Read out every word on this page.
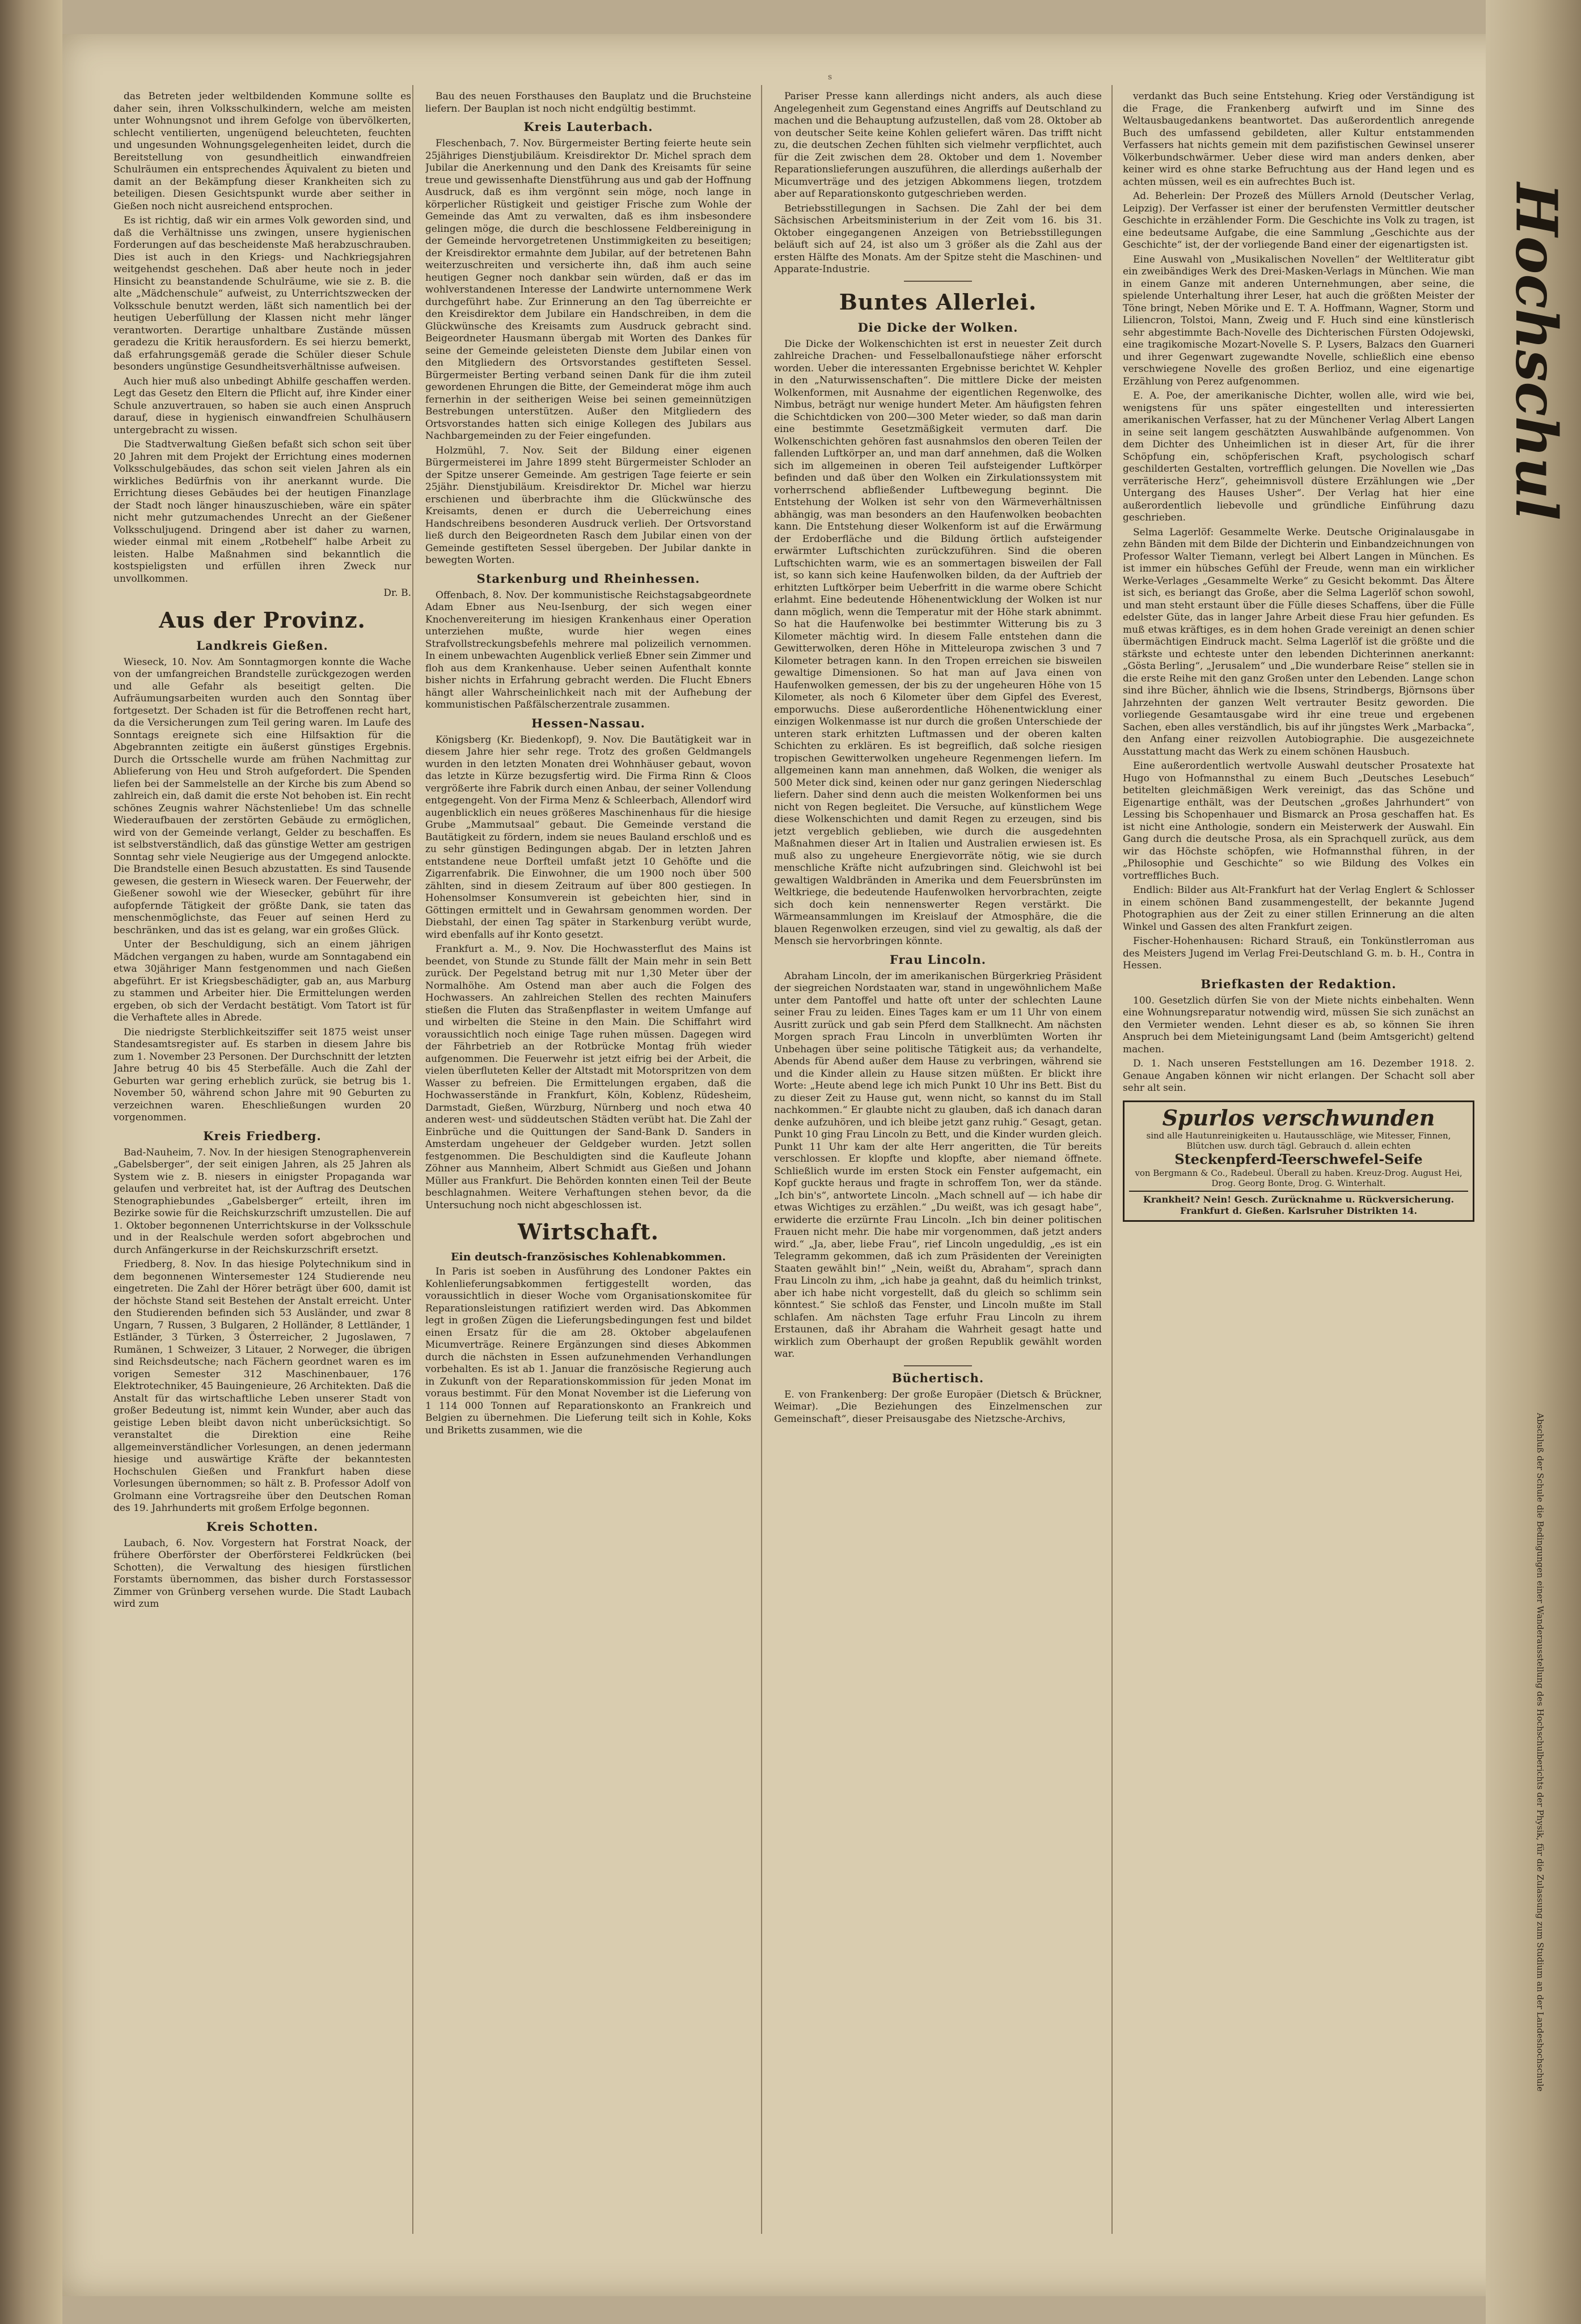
s

das Betreten jeder weltbildenden Kommune sollte es daher sein, ihren Volksschulkindern, welche am meisten unter Wohnungsnot und ihrem Gefolge von übervölkerten, schlecht ventilierten, ungenügend beleuchteten, feuchten und ungesunden Wohnungsgelegenheiten leidet, durch die Bereitstellung von gesundheitlich einwandfreien Schulräumen ein entsprechendes Äquivalent zu bieten und damit an der Bekämpfung dieser Krankheiten sich zu beteiligen. Diesen Gesichtspunkt wurde aber seither in Gießen noch nicht ausreichend entsprochen.

Es ist richtig, daß wir ein armes Volk geworden sind, und daß die Verhältnisse uns zwingen, unsere hygienischen Forderungen auf das bescheidenste Maß herabzuschrauben. Dies ist auch in den Kriegs- und Nachkriegsjahren weitgehendst geschehen. Daß aber heute noch in jeder Hinsicht zu beanstandende Schulräume, wie sie z. B. die alte „Mädchenschule“ aufweist, zu Unterrichtszwecken der Volksschule benutzt werden, läßt sich namentlich bei der heutigen Ueberfüllung der Klassen nicht mehr länger verantworten. Derartige unhaltbare Zustände müssen geradezu die Kritik herausfordern. Es sei hierzu bemerkt, daß erfahrungsgemäß gerade die Schüler dieser Schule besonders ungünstige Gesundheitsverhältnisse aufweisen.

Auch hier muß also unbedingt Abhilfe geschaffen werden. Legt das Gesetz den Eltern die Pflicht auf, ihre Kinder einer Schule anzuvertrauen, so haben sie auch einen Anspruch darauf, diese in hygienisch einwandfreien Schulhäusern untergebracht zu wissen.

Die Stadtverwaltung Gießen befaßt sich schon seit über 20 Jahren mit dem Projekt der Errichtung eines modernen Volksschulgebäudes, das schon seit vielen Jahren als ein wirkliches Bedürfnis von ihr anerkannt wurde. Die Errichtung dieses Gebäudes bei der heutigen Finanzlage der Stadt noch länger hinauszuschieben, wäre ein später nicht mehr gutzumachendes Unrecht an der Gießener Volksschuljugend. Dringend aber ist daher zu warnen, wieder einmal mit einem „Rotbehelf“ halbe Arbeit zu leisten. Halbe Maßnahmen sind bekanntlich die kostspieligsten und erfüllen ihren Zweck nur unvollkommen.

Dr. B.
Aus der Provinz.
Landkreis Gießen.

Wieseck, 10. Nov. Am Sonntagmorgen konnte die Wache von der umfangreichen Brandstelle zurückgezogen werden und alle Gefahr als beseitigt gelten. Die Aufräumungsarbeiten wurden auch den Sonntag über fortgesetzt. Der Schaden ist für die Betroffenen recht hart, da die Versicherungen zum Teil gering waren. Im Laufe des Sonntags ereignete sich eine Hilfsaktion für die Abgebrannten zeitigte ein äußerst günstiges Ergebnis. Durch die Ortsschelle wurde am frühen Nachmittag zur Ablieferung von Heu und Stroh aufgefordert. Die Spenden liefen bei der Sammelstelle an der Kirche bis zum Abend so zahlreich ein, daß damit die erste Not behoben ist. Ein recht schönes Zeugnis wahrer Nächstenliebe! Um das schnelle Wiederaufbauen der zerstörten Gebäude zu ermöglichen, wird von der Gemeinde verlangt, Gelder zu beschaffen. Es ist selbstverständlich, daß das günstige Wetter am gestrigen Sonntag sehr viele Neugierige aus der Umgegend anlockte. Die Brandstelle einen Besuch abzustatten. Es sind Tausende gewesen, die gestern in Wieseck waren. Der Feuerwehr, der Gießener sowohl wie der Wiesecker, gebührt für ihre aufopfernde Tätigkeit der größte Dank, sie taten das menschenmöglichste, das Feuer auf seinen Herd zu beschränken, und das ist es gelang, war ein großes Glück.

Unter der Beschuldigung, sich an einem jährigen Mädchen vergangen zu haben, wurde am Sonntagabend ein etwa 30jähriger Mann festgenommen und nach Gießen abgeführt. Er ist Kriegsbeschädigter, gab an, aus Marburg zu stammen und Arbeiter hier. Die Ermittelungen werden ergeben, ob sich der Verdacht bestätigt. Vom Tatort ist für die Verhaftete alles in Abrede.

Die niedrigste Sterblichkeitsziffer seit 1875 weist unser Standesamtsregister auf. Es starben in diesem Jahre bis zum 1. November 23 Personen. Der Durchschnitt der letzten Jahre betrug 40 bis 45 Sterbefälle. Auch die Zahl der Geburten war gering erheblich zurück, sie betrug bis 1. November 50, während schon Jahre mit 90 Geburten zu verzeichnen waren. Eheschließungen wurden 20 vorgenommen.

Kreis Friedberg.

Bad-Nauheim, 7. Nov. In der hiesigen Stenographenverein „Gabelsberger“, der seit einigen Jahren, als 25 Jahren als System wie z. B. niesers in einigster Propaganda war gelaufen und verbreitet hat, ist der Auftrag des Deutschen Stenographiebundes „Gabelsberger“ erteilt, ihren im Bezirke sowie für die Reichskurzschrift umzustellen. Die auf 1. Oktober begonnenen Unterrichtskurse in der Volksschule und in der Realschule werden sofort abgebrochen und durch Anfängerkurse in der Reichskurzschrift ersetzt.

Friedberg, 8. Nov. In das hiesige Polytechnikum sind in dem begonnenen Wintersemester 124 Studierende neu eingetreten. Die Zahl der Hörer beträgt über 600, damit ist der höchste Stand seit Bestehen der Anstalt erreicht. Unter den Studierenden befinden sich 53 Ausländer, und zwar 8 Ungarn, 7 Russen, 3 Bulgaren, 2 Holländer, 8 Lettländer, 1 Estländer, 3 Türken, 3 Österreicher, 2 Jugoslawen, 7 Rumänen, 1 Schweizer, 3 Litauer, 2 Norweger, die übrigen sind Reichsdeutsche; nach Fächern geordnet waren es im vorigen Semester 312 Maschinenbauer, 176 Elektrotechniker, 45 Bauingenieure, 26 Architekten. Daß die Anstalt für das wirtschaftliche Leben unserer Stadt von großer Bedeutung ist, nimmt kein Wunder, aber auch das geistige Leben bleibt davon nicht unberücksichtigt. So veranstaltet die Direktion eine Reihe allgemeinverständlicher Vorlesungen, an denen jedermann hiesige und auswärtige Kräfte der bekanntesten Hochschulen Gießen und Frankfurt haben diese Vorlesungen übernommen; so hält z. B. Professor Adolf von Grolmann eine Vortragsreihe über den Deutschen Roman des 19. Jahrhunderts mit großem Erfolge begonnen.

Kreis Schotten.

Laubach, 6. Nov. Vorgestern hat Forstrat Noack, der frühere Oberförster der Oberförsterei Feldkrücken (bei Schotten), die Verwaltung des hiesigen fürstlichen Forstamts übernommen, das bisher durch Forstassessor Zimmer von Grünberg versehen wurde. Die Stadt Laubach wird zum

Bau des neuen Forsthauses den Bauplatz und die Bruchsteine liefern. Der Bauplan ist noch nicht endgültig bestimmt.

Kreis Lauterbach.

Fleschenbach, 7. Nov. Bürgermeister Berting feierte heute sein 25jähriges Dienstjubiläum. Kreisdirektor Dr. Michel sprach dem Jubilar die Anerkennung und den Dank des Kreisamts für seine treue und gewissenhafte Dienstführung aus und gab der Hoffnung Ausdruck, daß es ihm vergönnt sein möge, noch lange in körperlicher Rüstigkeit und geistiger Frische zum Wohle der Gemeinde das Amt zu verwalten, daß es ihm insbesondere gelingen möge, die durch die beschlossene Feldbereinigung in der Gemeinde hervorgetretenen Unstimmigkeiten zu beseitigen; der Kreisdirektor ermahnte dem Jubilar, auf der betretenen Bahn weiterzuschreiten und versicherte ihn, daß ihm auch seine heutigen Gegner noch dankbar sein würden, daß er das im wohlverstandenen Interesse der Landwirte unternommene Werk durchgeführt habe. Zur Erinnerung an den Tag überreichte er den Kreisdirektor dem Jubilare ein Handschreiben, in dem die Glückwünsche des Kreisamts zum Ausdruck gebracht sind. Beigeordneter Hausmann übergab mit Worten des Dankes für seine der Gemeinde geleisteten Dienste dem Jubilar einen von den Mitgliedern des Ortsvorstandes gestifteten Sessel. Bürgermeister Berting verband seinen Dank für die ihm zuteil gewordenen Ehrungen die Bitte, der Gemeinderat möge ihm auch fernerhin in der seitherigen Weise bei seinen gemeinnützigen Bestrebungen unterstützen. Außer den Mitgliedern des Ortsvorstandes hatten sich einige Kollegen des Jubilars aus Nachbargemeinden zu der Feier eingefunden.

Holzmühl, 7. Nov. Seit der Bildung einer eigenen Bürgermeisterei im Jahre 1899 steht Bürgermeister Schloder an der Spitze unserer Gemeinde. Am gestrigen Tage feierte er sein 25jähr. Dienstjubiläum. Kreisdirektor Dr. Michel war hierzu erschienen und überbrachte ihm die Glückwünsche des Kreisamts, denen er durch die Ueberreichung eines Handschreibens besonderen Ausdruck verlieh. Der Ortsvorstand ließ durch den Beigeordneten Rasch dem Jubilar einen von der Gemeinde gestifteten Sessel übergeben. Der Jubilar dankte in bewegten Worten.

Starkenburg und Rheinhessen.

Offenbach, 8. Nov. Der kommunistische Reichstagsabgeordnete Adam Ebner aus Neu-Isenburg, der sich wegen einer Knochenvereiterung im hiesigen Krankenhaus einer Operation unterziehen mußte, wurde hier wegen eines Strafvollstreckungsbefehls mehrere mal polizeilich vernommen. In einem unbewachten Augenblick verließ Ebner sein Zimmer und floh aus dem Krankenhause. Ueber seinen Aufenthalt konnte bisher nichts in Erfahrung gebracht werden. Die Flucht Ebners hängt aller Wahrscheinlichkeit nach mit der Aufhebung der kommunistischen Paßfälscherzentrale zusammen.

Hessen-Nassau.

Königsberg (Kr. Biedenkopf), 9. Nov. Die Bautätigkeit war in diesem Jahre hier sehr rege. Trotz des großen Geldmangels wurden in den letzten Monaten drei Wohnhäuser gebaut, wovon das letzte in Kürze bezugsfertig wird. Die Firma Rinn & Cloos vergrößerte ihre Fabrik durch einen Anbau, der seiner Vollendung entgegengeht. Von der Firma Menz & Schleerbach, Allendorf wird augenblicklich ein neues größeres Maschinenhaus für die hiesige Grube „Mammutsaal“ gebaut. Die Gemeinde verstand die Bautätigkeit zu fördern, indem sie neues Bauland erschloß und es zu sehr günstigen Bedingungen abgab. Der in letzten Jahren entstandene neue Dorfteil umfaßt jetzt 10 Gehöfte und die Zigarrenfabrik. Die Einwohner, die um 1900 noch über 500 zählten, sind in diesem Zeitraum auf über 800 gestiegen. In Hohensolmser Konsumverein ist gebeichten hier, sind in Göttingen ermittelt und in Gewahrsam genommen worden. Der Diebstahl, der einen Tag später in Starkenburg verübt wurde, wird ebenfalls auf ihr Konto gesetzt.

Frankfurt a. M., 9. Nov. Die Hochwassterflut des Mains ist beendet, von Stunde zu Stunde fällt der Main mehr in sein Bett zurück. Der Pegelstand betrug mit nur 1,30 Meter über der Normalhöhe. Am Ostend man aber auch die Folgen des Hochwassers. An zahlreichen Stellen des rechten Mainufers stießen die Fluten das Straßenpflaster in weitem Umfange auf und wirbelten die Steine in den Main. Die Schiffahrt wird voraussichtlich noch einige Tage ruhen müssen. Dagegen wird der Fährbetrieb an der Rotbrücke Montag früh wieder aufgenommen. Die Feuerwehr ist jetzt eifrig bei der Arbeit, die vielen überfluteten Keller der Altstadt mit Motorspritzen von dem Wasser zu befreien. Die Ermittelungen ergaben, daß die Hochwasserstände in Frankfurt, Köln, Koblenz, Rüdesheim, Darmstadt, Gießen, Würzburg, Nürnberg und noch etwa 40 anderen west- und süddeutschen Städten verübt hat. Die Zahl der Einbrüche und die Quittungen der Sand-Bank D. Sanders in Amsterdam ungeheuer der Geldgeber wurden. Jetzt sollen festgenommen. Die Beschuldigten sind die Kaufleute Johann Zöhner aus Mannheim, Albert Schmidt aus Gießen und Johann Müller aus Frankfurt. Die Behörden konnten einen Teil der Beute beschlagnahmen. Weitere Verhaftungen stehen bevor, da die Untersuchung noch nicht abgeschlossen ist.

Wirtschaft.
Ein deutsch-französisches Kohlenabkommen.

In Paris ist soeben in Ausführung des Londoner Paktes ein Kohlenlieferungsabkommen fertiggestellt worden, das voraussichtlich in dieser Woche vom Organisationskomitee für Reparationsleistungen ratifiziert werden wird. Das Abkommen legt in großen Zügen die Lieferungsbedingungen fest und bildet einen Ersatz für die am 28. Oktober abgelaufenen Micumverträge. Reinere Ergänzungen sind dieses Abkommen durch die nächsten in Essen aufzunehmenden Verhandlungen vorbehalten. Es ist ab 1. Januar die französische Regierung auch in Zukunft von der Reparationskommission für jeden Monat im voraus bestimmt. Für den Monat November ist die Lieferung von 1 114 000 Tonnen auf Reparationskonto an Frankreich und Belgien zu übernehmen. Die Lieferung teilt sich in Kohle, Koks und Briketts zusammen, wie die

Pariser Presse kann allerdings nicht anders, als auch diese Angelegenheit zum Gegenstand eines Angriffs auf Deutschland zu machen und die Behauptung aufzustellen, daß vom 28. Oktober ab von deutscher Seite keine Kohlen geliefert wären. Das trifft nicht zu, die deutschen Zechen fühlten sich vielmehr verpflichtet, auch für die Zeit zwischen dem 28. Oktober und dem 1. November Reparationslieferungen auszuführen, die allerdings außerhalb der Micumverträge und des jetzigen Abkommens liegen, trotzdem aber auf Reparationskonto gutgeschrieben werden.

Betriebsstillegungen in Sachsen. Die Zahl der bei dem Sächsischen Arbeitsministerium in der Zeit vom 16. bis 31. Oktober eingegangenen Anzeigen von Betriebsstillegungen beläuft sich auf 24, ist also um 3 größer als die Zahl aus der ersten Hälfte des Monats. Am der Spitze steht die Maschinen- und Apparate-Industrie.

Buntes Allerlei.
Die Dicke der Wolken.

Die Dicke der Wolkenschichten ist erst in neuester Zeit durch zahlreiche Drachen- und Fesselballonaufstiege näher erforscht worden. Ueber die interessanten Ergebnisse berichtet W. Kehpler in den „Naturwissenschaften“. Die mittlere Dicke der meisten Wolkenformen, mit Ausnahme der eigentlichen Regenwolke, des Nimbus, beträgt nur wenige hundert Meter. Am häufigsten fehren die Schichtdicken von 200—300 Meter wieder, so daß man darin eine bestimmte Gesetzmäßigkeit vermuten darf. Die Wolkenschichten gehören fast ausnahmslos den oberen Teilen der fallenden Luftkörper an, und man darf annehmen, daß die Wolken sich im allgemeinen in oberen Teil aufsteigender Luftkörper befinden und daß über den Wolken ein Zirkulationssystem mit vorherrschend abfließender Luftbewegung beginnt. Die Entstehung der Wolken ist sehr von den Wärmeverhältnissen abhängig, was man besonders an den Haufenwolken beobachten kann. Die Entstehung dieser Wolkenform ist auf die Erwärmung der Erdoberfläche und die Bildung örtlich aufsteigender erwärmter Luftschichten zurückzuführen. Sind die oberen Luftschichten warm, wie es an sommertagen bisweilen der Fall ist, so kann sich keine Haufenwolken bilden, da der Auftrieb der erhitzten Luftkörper beim Ueberfritt in die warme obere Schicht erlahmt. Eine bedeutende Höhenentwicklung der Wolken ist nur dann möglich, wenn die Temperatur mit der Höhe stark abnimmt. So hat die Haufenwolke bei bestimmter Witterung bis zu 3 Kilometer mächtig wird. In diesem Falle entstehen dann die Gewitterwolken, deren Höhe in Mitteleuropa zwischen 3 und 7 Kilometer betragen kann. In den Tropen erreichen sie bisweilen gewaltige Dimensionen. So hat man auf Java einen von Haufenwolken gemessen, der bis zu der ungeheuren Höhe von 15 Kilometer, als noch 6 Kilometer über dem Gipfel des Everest, emporwuchs. Diese außerordentliche Höhenentwicklung einer einzigen Wolkenmasse ist nur durch die großen Unterschiede der unteren stark erhitzten Luftmassen und der oberen kalten Schichten zu erklären. Es ist begreiflich, daß solche riesigen tropischen Gewitterwolken ungeheure Regenmengen liefern. Im allgemeinen kann man annehmen, daß Wolken, die weniger als 500 Meter dick sind, keinen oder nur ganz geringen Niederschlag liefern. Daher sind denn auch die meisten Wolkenformen bei uns nicht von Regen begleitet. Die Versuche, auf künstlichem Wege diese Wolkenschichten und damit Regen zu erzeugen, sind bis jetzt vergeblich geblieben, wie durch die ausgedehnten Maßnahmen dieser Art in Italien und Australien erwiesen ist. Es muß also zu ungeheure Energievorräte nötig, wie sie durch menschliche Kräfte nicht aufzubringen sind. Gleichwohl ist bei gewaltigen Waldbränden in Amerika und dem Feuersbrünsten im Weltkriege, die bedeutende Haufenwolken hervorbrachten, zeigte sich doch kein nennenswerter Regen verstärkt. Die Wärmeansammlungen im Kreislauf der Atmosphäre, die die blauen Regenwolken erzeugen, sind viel zu gewaltig, als daß der Mensch sie hervorbringen könnte.

Frau Lincoln.

Abraham Lincoln, der im amerikanischen Bürgerkrieg Präsident der siegreichen Nordstaaten war, stand in ungewöhnlichem Maße unter dem Pantoffel und hatte oft unter der schlechten Laune seiner Frau zu leiden. Eines Tages kam er um 11 Uhr von einem Ausritt zurück und gab sein Pferd dem Stallknecht. Am nächsten Morgen sprach Frau Lincoln in unverblümten Worten ihr Unbehagen über seine politische Tätigkeit aus; da verhandelte, Abends für Abend außer dem Hause zu verbringen, während sie und die Kinder allein zu Hause sitzen müßten. Er blickt ihre Worte: „Heute abend lege ich mich Punkt 10 Uhr ins Bett. Bist du zu dieser Zeit zu Hause gut, wenn nicht, so kannst du im Stall nachkommen.“ Er glaubte nicht zu glauben, daß ich danach daran denke aufzuhören, und ich bleibe jetzt ganz ruhig.“ Gesagt, getan. Punkt 10 ging Frau Lincoln zu Bett, und die Kinder wurden gleich. Punkt 11 Uhr kam der alte Herr angeritten, die Tür bereits verschlossen. Er klopfte und klopfte, aber niemand öffnete. Schließlich wurde im ersten Stock ein Fenster aufgemacht, ein Kopf guckte heraus und fragte in schroffem Ton, wer da stände. „Ich bin's“, antwortete Lincoln. „Mach schnell auf — ich habe dir etwas Wichtiges zu erzählen.“ „Du weißt, was ich gesagt habe“, erwiderte die erzürnte Frau Lincoln. „Ich bin deiner politischen Frauen nicht mehr. Die habe mir vorgenommen, daß jetzt anders wird.“ „Ja, aber, liebe Frau“, rief Lincoln ungeduldig, „es ist ein Telegramm gekommen, daß ich zum Präsidenten der Vereinigten Staaten gewählt bin!“ „Nein, weißt du, Abraham“, sprach dann Frau Lincoln zu ihm, „ich habe ja geahnt, daß du heimlich trinkst, aber ich habe nicht vorgestellt, daß du gleich so schlimm sein könntest.“ Sie schloß das Fenster, und Lincoln mußte im Stall schlafen. Am nächsten Tage erfuhr Frau Lincoln zu ihrem Erstaunen, daß ihr Abraham die Wahrheit gesagt hatte und wirklich zum Oberhaupt der großen Republik gewählt worden war.

Büchertisch.

E. von Frankenberg: Der große Europäer (Dietsch & Brückner, Weimar). „Die Beziehungen des Einzelmenschen zur Gemeinschaft“, dieser Preisausgabe des Nietzsche-Archivs,

verdankt das Buch seine Entstehung. Krieg oder Verständigung ist die Frage, die Frankenberg aufwirft und im Sinne des Weltausbaugedankens beantwortet. Das außerordentlich anregende Buch des umfassend gebildeten, aller Kultur entstammenden Verfassers hat nichts gemein mit dem pazifistischen Gewinsel unserer Völkerbundschwärmer. Ueber diese wird man anders denken, aber keiner wird es ohne starke Befruchtung aus der Hand legen und es achten müssen, weil es ein aufrechtes Buch ist.

Ad. Beherlein: Der Prozeß des Müllers Arnold (Deutscher Verlag, Leipzig). Der Verfasser ist einer der berufensten Vermittler deutscher Geschichte in erzählender Form. Die Geschichte ins Volk zu tragen, ist eine bedeutsame Aufgabe, die eine Sammlung „Geschichte aus der Geschichte“ ist, der der vorliegende Band einer der eigenartigsten ist.

Eine Auswahl von „Musikalischen Novellen“ der Weltliteratur gibt ein zweibändiges Werk des Drei-Masken-Verlags in München. Wie man in einem Ganze mit anderen Unternehmungen, aber seine, die spielende Unterhaltung ihrer Leser, hat auch die größten Meister der Töne bringt, Neben Mörike und E. T. A. Hoffmann, Wagner, Storm und Liliencron, Tolstoi, Mann, Zweig und F. Huch sind eine künstlerisch sehr abgestimmte Bach-Novelle des Dichterischen Fürsten Odojewski, eine tragikomische Mozart-Novelle S. P. Lysers, Balzacs den Guarneri und ihrer Gegenwart zugewandte Novelle, schließlich eine ebenso verschwiegene Novelle des großen Berlioz, und eine eigenartige Erzählung von Perez aufgenommen.

E. A. Poe, der amerikanische Dichter, wollen alle, wird wie bei, wenigstens für uns später eingestellten und interessierten amerikanischen Verfasser, hat zu der Münchener Verlag Albert Langen in seine seit langem geschätzten Auswahlbände aufgenommen. Von dem Dichter des Unheimlichen ist in dieser Art, für die ihrer Schöpfung ein, schöpferischen Kraft, psychologisch scharf geschilderten Gestalten, vortrefflich gelungen. Die Novellen wie „Das verräterische Herz“, geheimnisvoll düstere Erzählungen wie „Der Untergang des Hauses Usher“. Der Verlag hat hier eine außerordentlich liebevolle und gründliche Einführung dazu geschrieben.

Selma Lagerlöf: Gesammelte Werke. Deutsche Originalausgabe in zehn Bänden mit dem Bilde der Dichterin und Einbandzeichnungen von Professor Walter Tiemann, verlegt bei Albert Langen in München. Es ist immer ein hübsches Gefühl der Freude, wenn man ein wirklicher Werke-Verlages „Gesammelte Werke“ zu Gesicht bekommt. Das Ältere ist sich, es beriangt das Große, aber die Selma Lagerlöf schon sowohl, und man steht erstaunt über die Fülle dieses Schaffens, über die Fülle edelster Güte, das in langer Jahre Arbeit diese Frau hier gefunden. Es muß etwas kräftiges, es in dem hohen Grade vereinigt an denen schier übermächtigen Eindruck macht. Selma Lagerlöf ist die größte und die stärkste und echteste unter den lebenden Dichterinnen anerkannt: „Gösta Berling“, „Jerusalem“ und „Die wunderbare Reise“ stellen sie in die erste Reihe mit den ganz Großen unter den Lebenden. Lange schon sind ihre Bücher, ähnlich wie die Ibsens, Strindbergs, Björnsons über Jahrzehnten der ganzen Welt vertrauter Besitz geworden. Die vorliegende Gesamtausgabe wird ihr eine treue und ergebenen Sachen, eben alles verständlich, bis auf ihr jüngstes Werk „Marbacka“, den Anfang einer reizvollen Autobiographie. Die ausgezeichnete Ausstattung macht das Werk zu einem schönen Hausbuch.

Eine außerordentlich wertvolle Auswahl deutscher Prosatexte hat Hugo von Hofmannsthal zu einem Buch „Deutsches Lesebuch“ betitelten gleichmäßigen Werk vereinigt, das das Schöne und Eigenartige enthält, was der Deutschen „großes Jahrhundert“ von Lessing bis Schopenhauer und Bismarck an Prosa geschaffen hat. Es ist nicht eine Anthologie, sondern ein Meisterwerk der Auswahl. Ein Gang durch die deutsche Prosa, als ein Sprachquell zurück, aus dem wir das Höchste schöpfen, wie Hofmannsthal führen, in der „Philosophie und Geschichte“ so wie Bildung des Volkes ein vortreffliches Buch.

Endlich: Bilder aus Alt-Frankfurt hat der Verlag Englert & Schlosser in einem schönen Band zusammengestellt, der bekannte Jugend Photographien aus der Zeit zu einer stillen Erinnerung an die alten Winkel und Gassen des alten Frankfurt zeigen.

Fischer-Hohenhausen: Richard Strauß, ein Tonkünstlerroman aus des Meisters Jugend im Verlag Frei-Deutschland G. m. b. H., Contra in Hessen.

Briefkasten der Redaktion.

100. Gesetzlich dürfen Sie von der Miete nichts einbehalten. Wenn eine Wohnungsreparatur notwendig wird, müssen Sie sich zunächst an den Vermieter wenden. Lehnt dieser es ab, so können Sie ihren Anspruch bei dem Mieteinigungsamt Land (beim Amtsgericht) geltend machen.

D. 1. Nach unseren Feststellungen am 16. Dezember 1918. 2. Genaue Angaben können wir nicht erlangen. Der Schacht soll aber sehr alt sein.

Spurlos verschwunden
sind alle Hautunreinigkeiten u. Hautausschläge, wie Mitesser, Finnen, Blütchen usw. durch tägl. Gebrauch d. allein echten
Steckenpferd-Teerschwefel-Seife
von Bergmann & Co., Radebeul. Überall zu haben. Kreuz-Drog. August Hei, Drog. Georg Bonte, Drog. G. Winterhalt.
Krankheit? Nein! Gesch. Zurücknahme u. Rückversicherung. Frankfurt d. Gießen. Karlsruher Distrikten 14.
Hochschul
Abschluß der Schule die Bedingungen einer Wanderausstellung des Hochschulberichts der Physik, für die Zulassung zum Studium an der Landeshochschule
